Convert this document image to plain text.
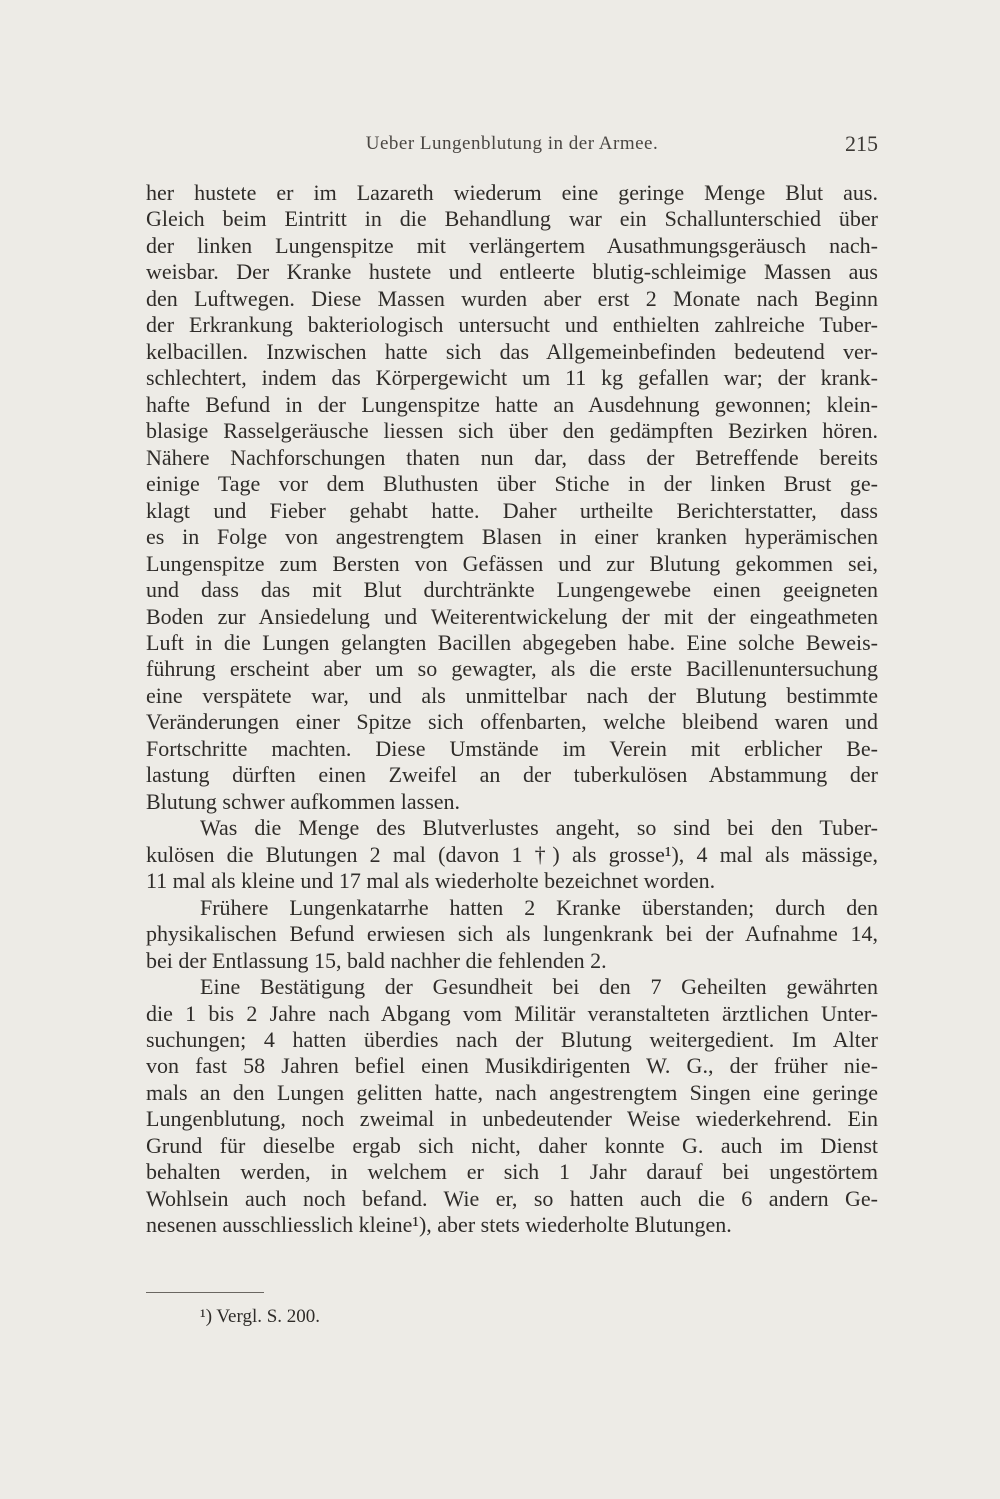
Ueber Lungenblutung in der Armee.	215
her hustete er im Lazareth wiederum eine geringe Menge Blut aus.
Gleich beim Eintritt in die Behandlung war ein Schallunterschied über
der linken Lungenspitze mit verlängertem Ausathmungsgeräusch nach-
weisbar. Der Kranke hustete und entleerte blutig-schleimige Massen aus
den Luftwegen. Diese Massen wurden aber erst 2 Monate nach Beginn
der Erkrankung bakteriologisch untersucht und enthielten zahlreiche Tuber-
kelbacillen. Inzwischen hatte sich das Allgemeinbefinden bedeutend ver-
schlechtert, indem das Körpergewicht um 11 kg gefallen war; der krank-
hafte Befund in der Lungenspitze hatte an Ausdehnung gewonnen; klein-
blasige Rasselgeräusche liessen sich über den gedämpften Bezirken hören.
Nähere Nachforschungen thaten nun dar, dass der Betreffende bereits
einige Tage vor dem Bluthusten über Stiche in der linken Brust ge-
klagt und Fieber gehabt hatte. Daher urtheilte Berichterstatter, dass
es in Folge von angestrengtem Blasen in einer kranken hyperämischen
Lungenspitze zum Bersten von Gefässen und zur Blutung gekommen sei,
und dass das mit Blut durchtränkte Lungengewebe einen geeigneten
Boden zur Ansiedelung und Weiterentwickelung der mit der eingeathmeten
Luft in die Lungen gelangten Bacillen abgegeben habe. Eine solche Beweis-
führung erscheint aber um so gewagter, als die erste Bacillenuntersuchung
eine verspätete war, und als unmittelbar nach der Blutung bestimmte
Veränderungen einer Spitze sich offenbarten, welche bleibend waren und
Fortschritte machten. Diese Umstände im Verein mit erblicher Be-
lastung dürften einen Zweifel an der tuberkulösen Abstammung der
Blutung schwer aufkommen lassen.
Was die Menge des Blutverlustes angeht, so sind bei den Tuber-
kulösen die Blutungen 2 mal (davon 1 †) als grosse¹), 4 mal als mässige,
11 mal als kleine und 17 mal als wiederholte bezeichnet worden.
Frühere Lungenkatarrhe hatten 2 Kranke überstanden; durch den
physikalischen Befund erwiesen sich als lungenkrank bei der Aufnahme 14,
bei der Entlassung 15, bald nachher die fehlenden 2.
Eine Bestätigung der Gesundheit bei den 7 Geheilten gewährten
die 1 bis 2 Jahre nach Abgang vom Militär veranstalteten ärztlichen Unter-
suchungen; 4 hatten überdies nach der Blutung weitergedient. Im Alter
von fast 58 Jahren befiel einen Musikdirigenten W. G., der früher nie-
mals an den Lungen gelitten hatte, nach angestrengtem Singen eine geringe
Lungenblutung, noch zweimal in unbedeutender Weise wiederkehrend. Ein
Grund für dieselbe ergab sich nicht, daher konnte G. auch im Dienst
behalten werden, in welchem er sich 1 Jahr darauf bei ungestörtem
Wohlsein auch noch befand. Wie er, so hatten auch die 6 andern Ge-
nesenen ausschliesslich kleine¹), aber stets wiederholte Blutungen.
¹) Vergl. S. 200.
